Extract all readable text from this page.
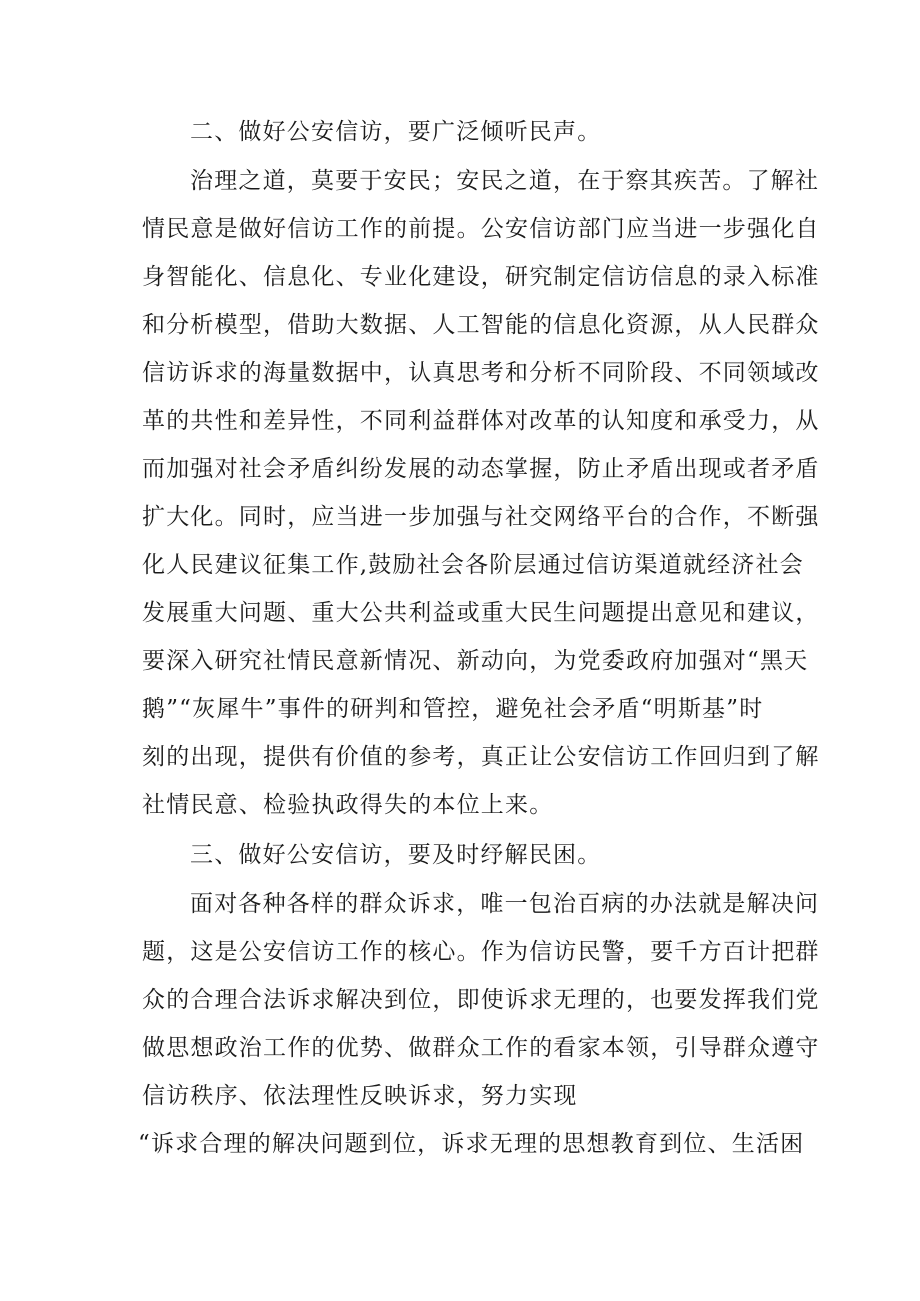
二、做好公安信访，要广泛倾听民声。
治理之道，莫要于安民；安民之道，在于察其疾苦。了解社
情民意是做好信访工作的前提。公安信访部门应当进一步强化自
身智能化、信息化、专业化建设，研究制定信访信息的录入标准
和分析模型，借助大数据、人工智能的信息化资源，从人民群众
信访诉求的海量数据中，认真思考和分析不同阶段、不同领域改
革的共性和差异性，不同利益群体对改革的认知度和承受力，从
而加强对社会矛盾纠纷发展的动态掌握，防止矛盾出现或者矛盾
扩大化。同时，应当进一步加强与社交网络平台的合作，不断强
化人民建议征集工作,鼓励社会各阶层通过信访渠道就经济社会
发展重大问题、重大公共利益或重大民生问题提出意见和建议，
要深入研究社情民意新情况、新动向，为党委政府加强对“黑天
鹅”“灰犀牛”事件的研判和管控，避免社会矛盾“明斯基”时
刻的出现，提供有价值的参考，真正让公安信访工作回归到了解
社情民意、检验执政得失的本位上来。
三、做好公安信访，要及时纾解民困。
面对各种各样的群众诉求，唯一包治百病的办法就是解决问
题，这是公安信访工作的核心。作为信访民警，要千方百计把群
众的合理合法诉求解决到位，即使诉求无理的，也要发挥我们党
做思想政治工作的优势、做群众工作的看家本领，引导群众遵守
信访秩序、依法理性反映诉求，努力实现
“诉求合理的解决问题到位，诉求无理的思想教育到位、生活困
